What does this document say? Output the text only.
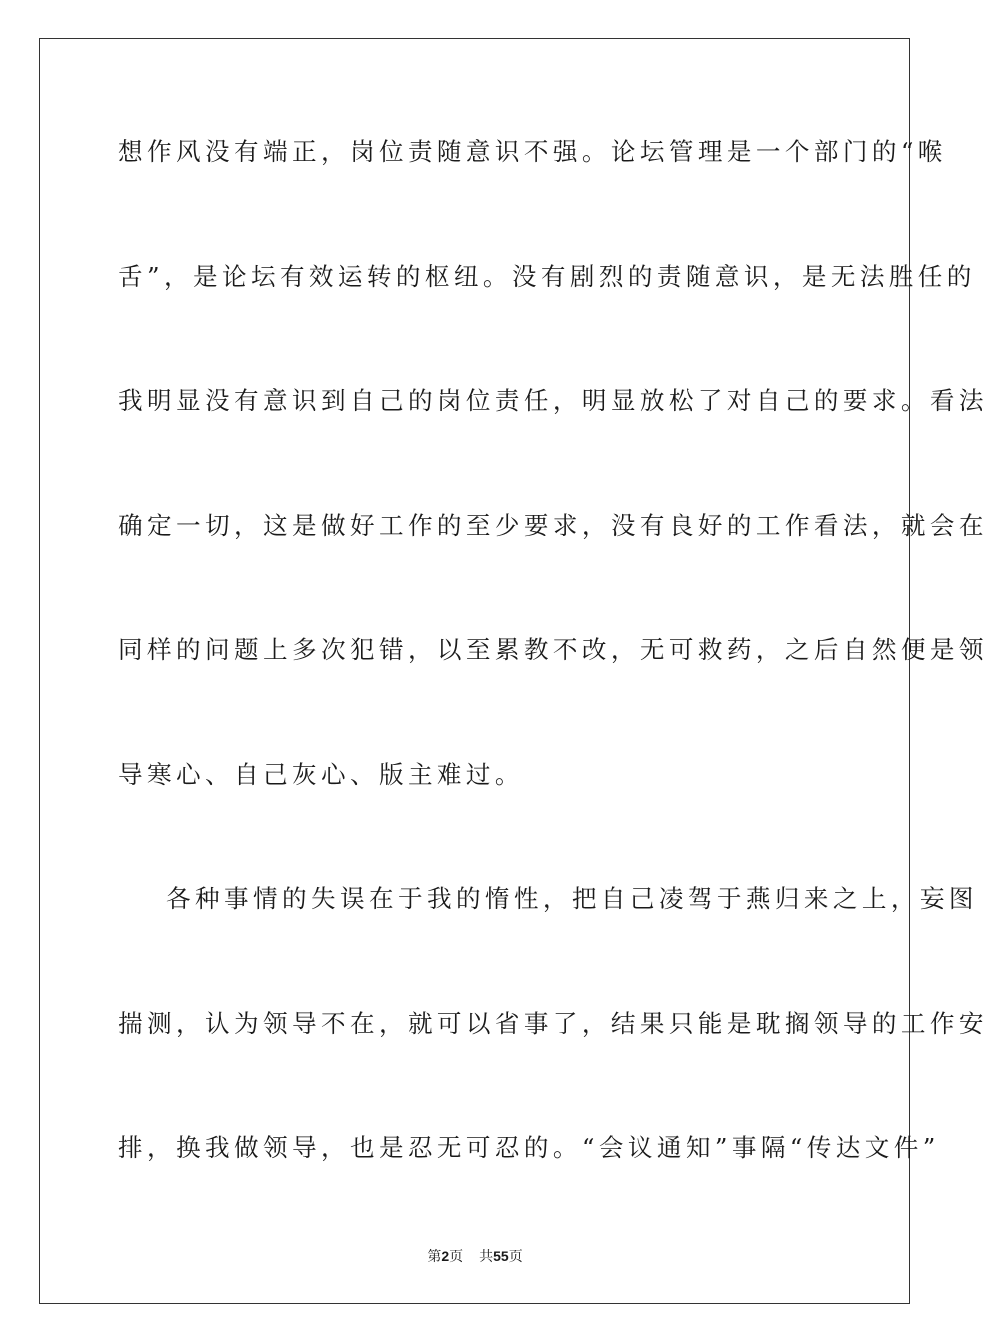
想作风没有端正，岗位责随意识不强。论坛管理是一个部门的“喉
舌”，是论坛有效运转的枢纽。没有剧烈的责随意识，是无法胜任的
我明显没有意识到自己的岗位责任，明显放松了对自己的要求。看法
确定一切，这是做好工作的至少要求，没有良好的工作看法，就会在
同样的问题上多次犯错，以至累教不改，无可救药，之后自然便是领
导寒心、自己灰心、版主难过。
各种事情的失误在于我的惰性，把自己凌驾于燕归来之上，妄图
揣测，认为领导不在，就可以省事了，结果只能是耽搁领导的工作安
排，换我做领导，也是忍无可忍的。“会议通知”事隔“传达文件”
第2页 共55页
